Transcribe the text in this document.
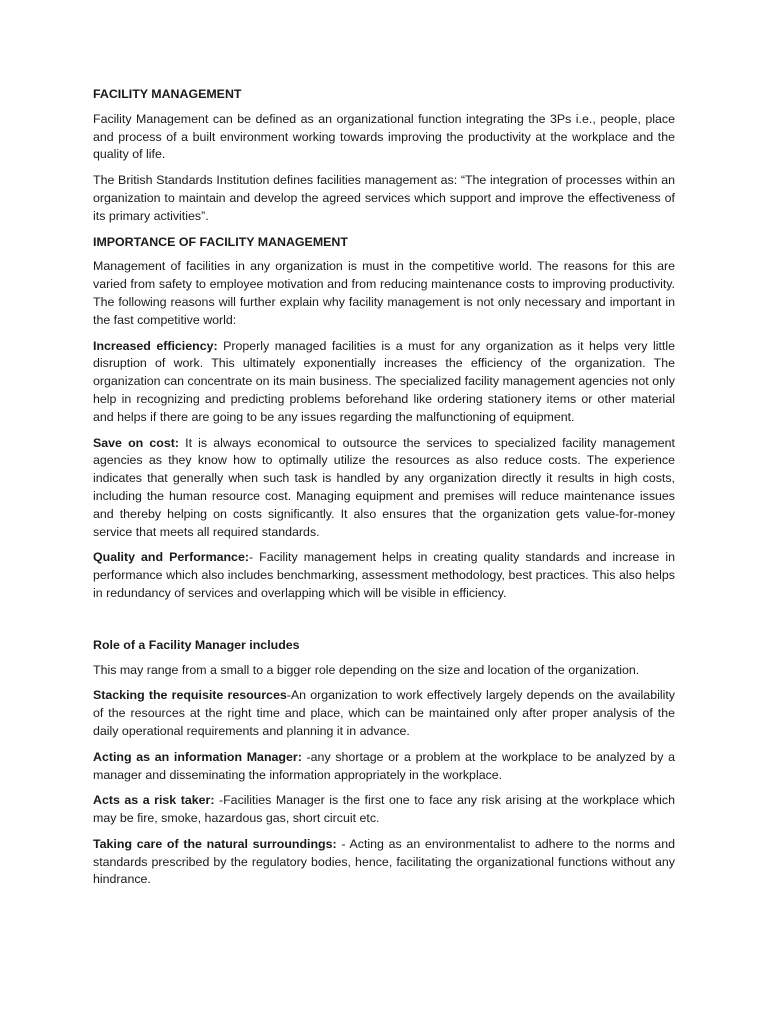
FACILITY MANAGEMENT

Facility Management can be defined as an organizational function integrating the 3Ps i.e., people, place and process of a built environment working towards improving the productivity at the workplace and the quality of life.

The British Standards Institution defines facilities management as: “The integration of processes within an organization to maintain and develop the agreed services which support and improve the effectiveness of its primary activities”.

IMPORTANCE OF FACILITY MANAGEMENT

Management of facilities in any organization is must in the competitive world. The reasons for this are varied from safety to employee motivation and from reducing maintenance costs to improving productivity. The following reasons will further explain why facility management is not only necessary and important in the fast competitive world:

Increased efficiency: Properly managed facilities is a must for any organization as it helps very little disruption of work. This ultimately exponentially increases the efficiency of the organization. The organization can concentrate on its main business. The specialized facility management agencies not only help in recognizing and predicting problems beforehand like ordering stationery items or other material and helps if there are going to be any issues regarding the malfunctioning of equipment.

Save on cost: It is always economical to outsource the services to specialized facility management agencies as they know how to optimally utilize the resources as also reduce costs. The experience indicates that generally when such task is handled by any organization directly it results in high costs, including the human resource cost. Managing equipment and premises will reduce maintenance issues and thereby helping on costs significantly. It also ensures that the organization gets value-for-money service that meets all required standards.

Quality and Performance:- Facility management helps in creating quality standards and increase in performance which also includes benchmarking, assessment methodology, best practices. This also helps in redundancy of services and overlapping which will be visible in efficiency.

Role of a Facility Manager includes

This may range from a small to a bigger role depending on the size and location of the organization.

Stacking the requisite resources-An organization to work effectively largely depends on the availability of the resources at the right time and place, which can be maintained only after proper analysis of the daily operational requirements and planning it in advance.

Acting as an information Manager: -any shortage or a problem at the workplace to be analyzed by a manager and disseminating the information appropriately in the workplace.

Acts as a risk taker: -Facilities Manager is the first one to face any risk arising at the workplace which may be fire, smoke, hazardous gas, short circuit etc.

Taking care of the natural surroundings: - Acting as an environmentalist to adhere to the norms and standards prescribed by the regulatory bodies, hence, facilitating the organizational functions without any hindrance.
